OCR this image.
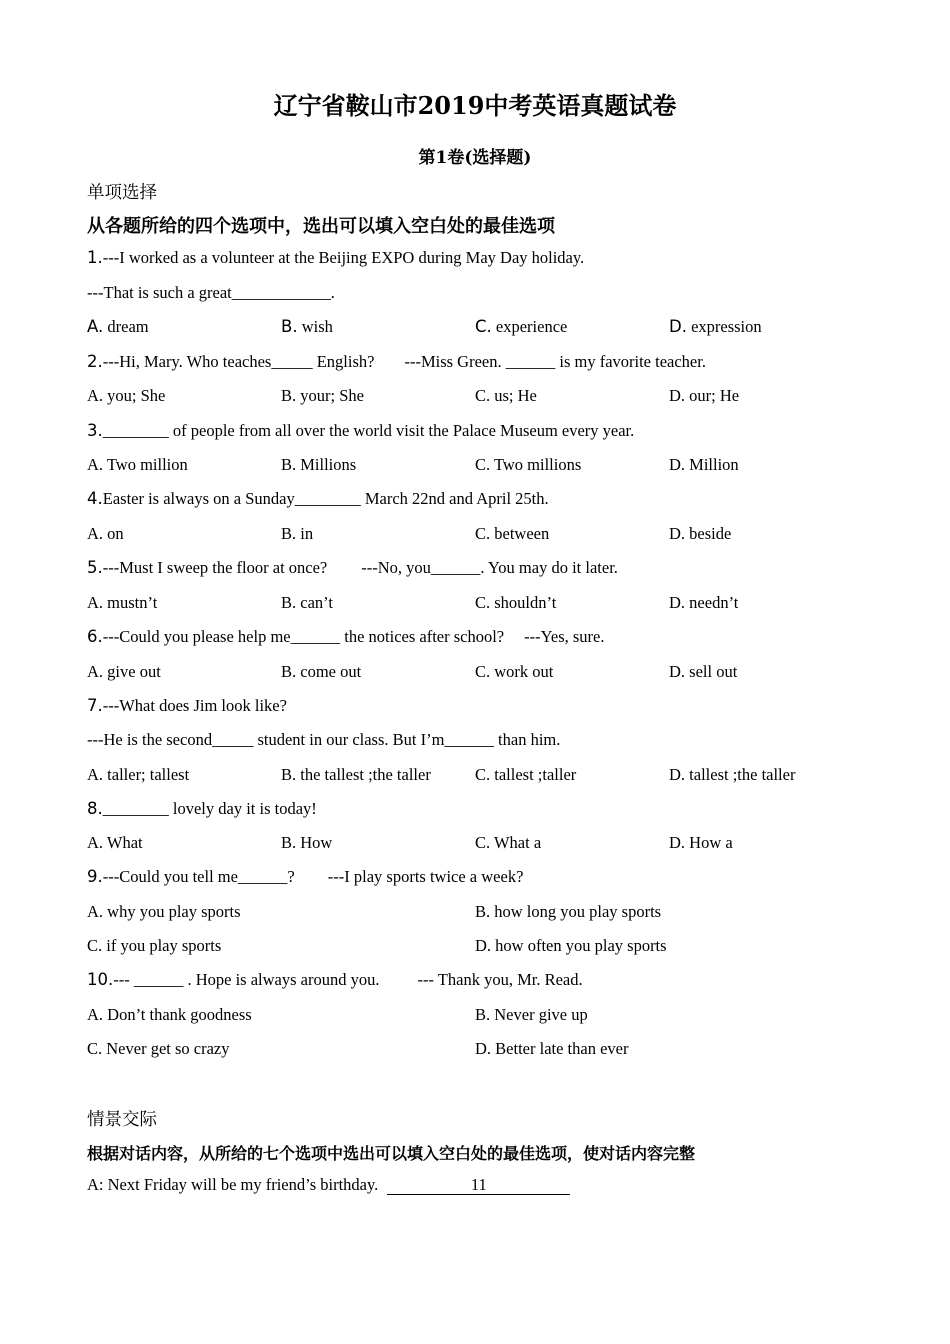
辽宁省鞍山市2019中考英语真题试卷
第1卷(选择题)
单项选择
从各题所给的四个选项中，选出可以填入空白处的最佳选项
1.---I worked as a volunteer at the Beijing EXPO during May Day holiday.
---That is such a great____________.
A. dream	B. wish	C. experience	D. expression
2.---Hi, Mary. Who teaches_____ English? ---Miss Green. ______ is my favorite teacher.
A. you; She	B. your; She	C. us; He	D. our; He
3.________ of people from all over the world visit the Palace Museum every year.
A. Two million	B. Millions	C. Two millions	D. Million
4.Easter is always on a Sunday________ March 22nd and April 25th.
A. on	B. in	C. between	D. beside
5.---Must I sweep the floor at once? ---No, you______. You may do it later.
A. mustn’t	B. can’t	C. shouldn’t	D. needn’t
6.---Could you please help me______ the notices after school? ---Yes, sure.
A. give out	B. come out	C. work out	D. sell out
7.---What does Jim look like?
---He is the second_____ student in our class. But I’m______ than him.
A. taller; tallest	B. the tallest ;the taller	C. tallest ;taller	D. tallest ;the taller
8.________ lovely day it is today!
A. What	B. How	C. What a	D. How a
9.---Could you tell me______? ---I play sports twice a week?
A. why you play sports	B. how long you play sports
C. if you play sports	D. how often you play sports
10.--- ______ . Hope is always around you. --- Thank you, Mr. Read.
A. Don’t thank goodness	B. Never give up
C. Never get so crazy	D. Better late than ever
情景交际
根据对话内容，从所给的七个选项中选出可以填入空白处的最佳选项，使对话内容完整
A: Next Friday will be my friend’s birthday.	11
